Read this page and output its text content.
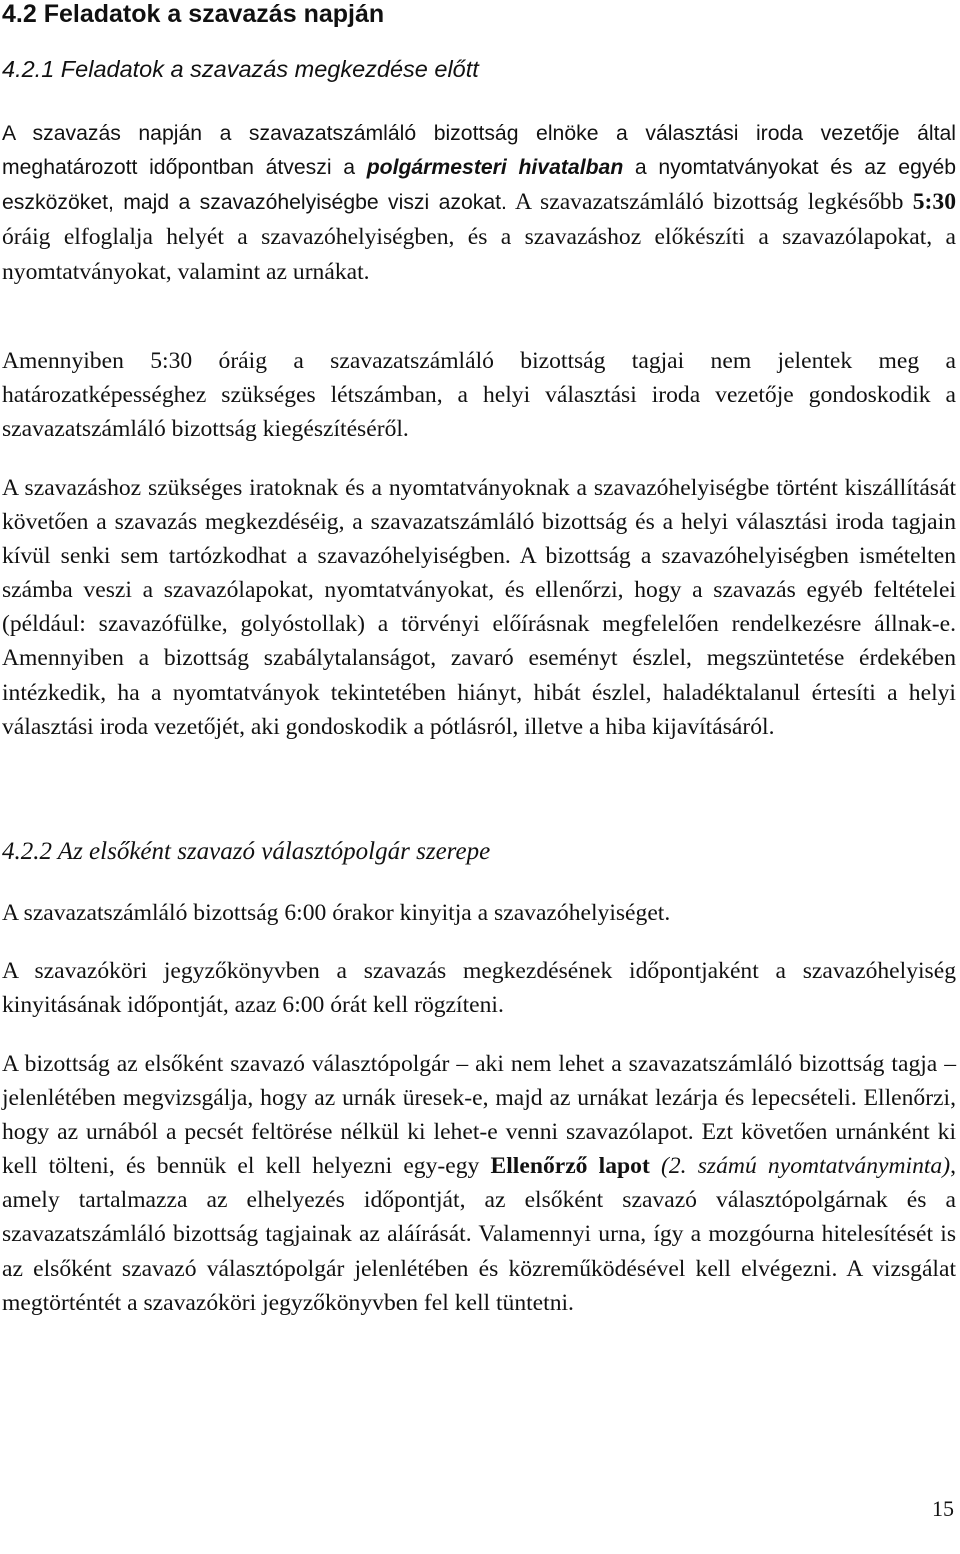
4.2 Feladatok a szavazás napján
4.2.1 Feladatok a szavazás megkezdése előtt

A szavazás napján a szavazatszámláló bizottság elnöke a választási iroda vezetője által meghatározott időpontban átveszi a polgármesteri hivatalban a nyomtatványokat és az egyéb eszközöket, majd a szavazóhelyiségbe viszi azokat. A szavazatszámláló bizottság legkésőbb 5:30 óráig elfoglalja helyét a szavazóhelyiségben, és a szavazáshoz előkészíti a szavazólapokat, a nyomtatványokat, valamint az urnákat.

Amennyiben 5:30 óráig a szavazatszámláló bizottság tagjai nem jelentek meg a határozatképességhez szükséges létszámban, a helyi választási iroda vezetője gondoskodik a szavazatszámláló bizottság kiegészítéséről.

A szavazáshoz szükséges iratoknak és a nyomtatványoknak a szavazóhelyiségbe történt kiszállítását követően a szavazás megkezdéséig, a szavazatszámláló bizottság és a helyi választási iroda tagjain kívül senki sem tartózkodhat a szavazóhelyiségben. A bizottság a szavazóhelyiségben ismételten számba veszi a szavazólapokat, nyomtatványokat, és ellenőrzi, hogy a szavazás egyéb feltételei (például: szavazófülke, golyóstollak) a törvényi előírásnak megfelelően rendelkezésre állnak-e. Amennyiben a bizottság szabálytalanságot, zavaró eseményt észlel, megszüntetése érdekében intézkedik, ha a nyomtatványok tekintetében hiányt, hibát észlel, haladéktalanul értesíti a helyi választási iroda vezetőjét, aki gondoskodik a pótlásról, illetve a hiba kijavításáról.

4.2.2 Az elsőként szavazó választópolgár szerepe

A szavazatszámláló bizottság 6:00 órakor kinyitja a szavazóhelyiséget.

A szavazóköri jegyzőkönyvben a szavazás megkezdésének időpontjaként a szavazóhelyiség kinyitásának időpontját, azaz 6:00 órát kell rögzíteni.

A bizottság az elsőként szavazó választópolgár – aki nem lehet a szavazatszámláló bizottság tagja – jelenlétében megvizsgálja, hogy az urnák üresek-e, majd az urnákat lezárja és lepecsételi. Ellenőrzi, hogy az urnából a pecsét feltörése nélkül ki lehet-e venni szavazólapot. Ezt követően urnánként ki kell tölteni, és bennük el kell helyezni egy-egy Ellenőrző lapot (2. számú nyomtatványminta), amely tartalmazza az elhelyezés időpontját, az elsőként szavazó választópolgárnak és a szavazatszámláló bizottság tagjainak az aláírását. Valamennyi urna, így a mozgóurna hitelesítését is az elsőként szavazó választópolgár jelenlétében és közreműködésével kell elvégezni. A vizsgálat megtörténtét a szavazóköri jegyzőkönyvben fel kell tüntetni.

15
